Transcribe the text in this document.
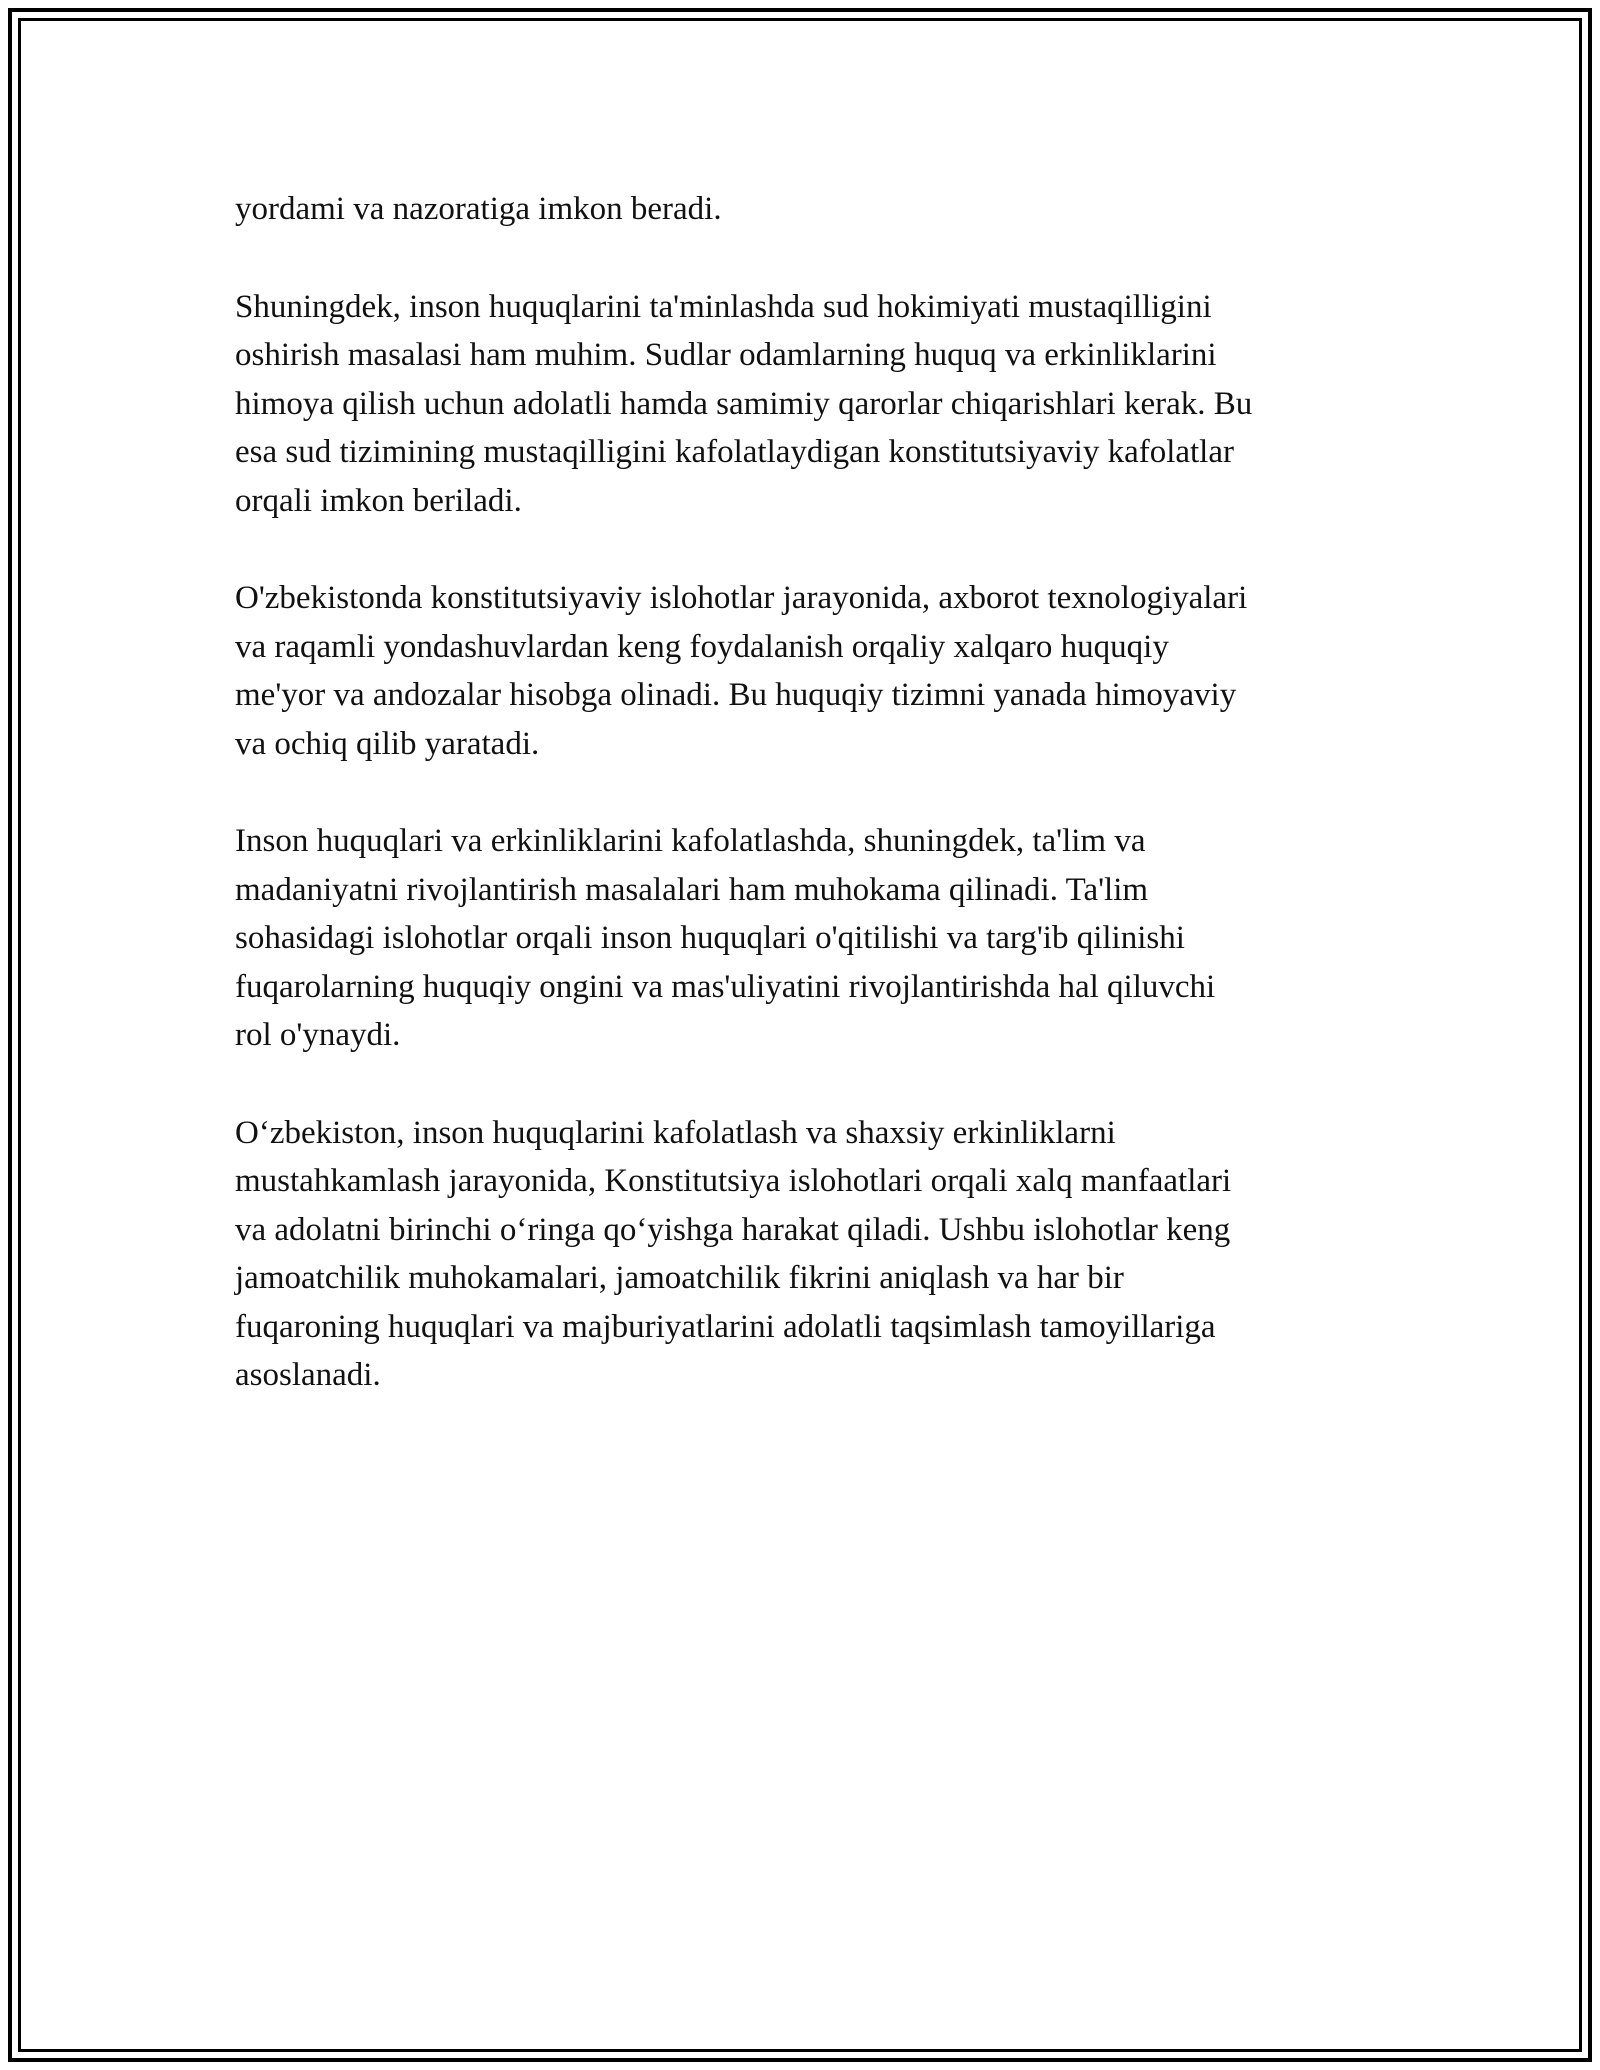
yordami va nazoratiga imkon beradi.

Shuningdek, inson huquqlarini ta'minlashda sud hokimiyati mustaqilligini
oshirish masalasi ham muhim. Sudlar odamlarning huquq va erkinliklarini
himoya qilish uchun adolatli hamda samimiy qarorlar chiqarishlari kerak. Bu
esa sud tizimining mustaqilligini kafolatlaydigan konstitutsiyaviy kafolatlar
orqali imkon beriladi.

O'zbekistonda konstitutsiyaviy islohotlar jarayonida, axborot texnologiyalari
va raqamli yondashuvlardan keng foydalanish orqaliy xalqaro huquqiy
me'yor va andozalar hisobga olinadi. Bu huquqiy tizimni yanada himoyaviy
va ochiq qilib yaratadi.

Inson huquqlari va erkinliklarini kafolatlashda, shuningdek, ta'lim va
madaniyatni rivojlantirish masalalari ham muhokama qilinadi. Ta'lim
sohasidagi islohotlar orqali inson huquqlari o'qitilishi va targ'ib qilinishi
fuqarolarning huquqiy ongini va mas'uliyatini rivojlantirishda hal qiluvchi
rol o'ynaydi.

O‘zbekiston, inson huquqlarini kafolatlash va shaxsiy erkinliklarni
mustahkamlash jarayonida, Konstitutsiya islohotlari orqali xalq manfaatlari
va adolatni birinchi o‘ringa qo‘yishga harakat qiladi. Ushbu islohotlar keng
jamoatchilik muhokamalari, jamoatchilik fikrini aniqlash va har bir
fuqaroning huquqlari va majburiyatlarini adolatli taqsimlash tamoyillariga
asoslanadi.
